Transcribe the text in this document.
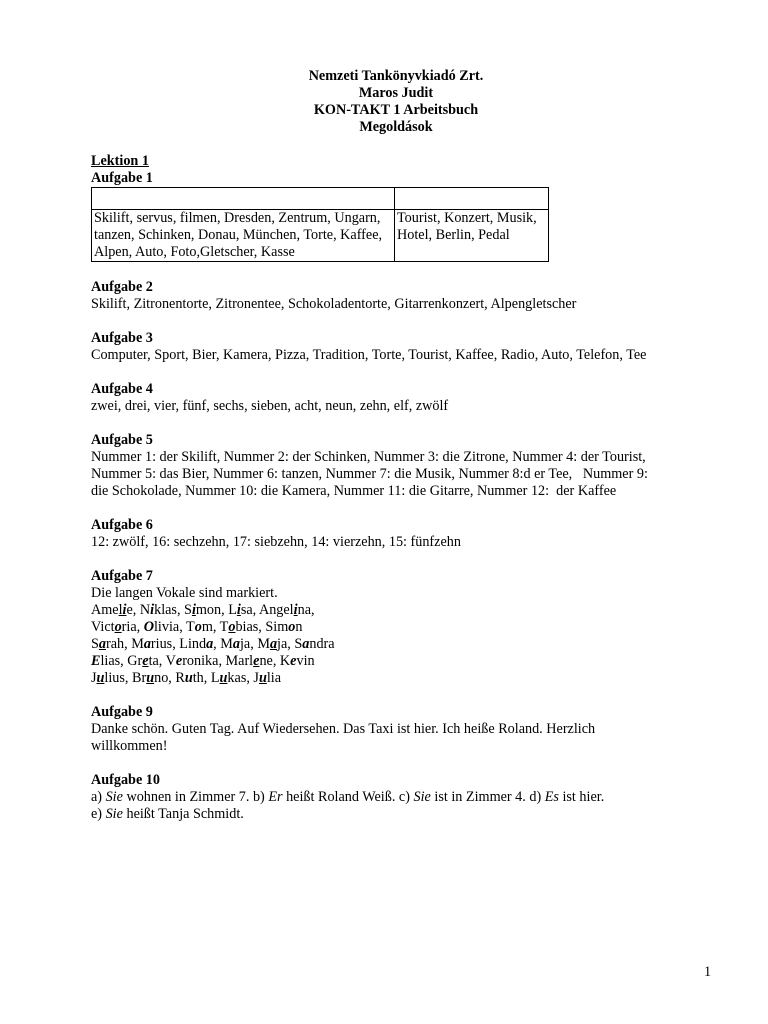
Nemzeti Tankönyvkiadó Zrt.
Maros Judit
KON-TAKT 1 Arbeitsbuch
Megoldások
Lektion 1
Aufgabe 1

Skilift, servus, filmen, Dresden, Zentrum, Ungarn, tanzen, Schinken, Donau, München, Torte, Kaffee, Alpen, Auto, Foto,Gletscher, Kasse	Tourist, Konzert, Musik, Hotel, Berlin, Pedal
Aufgabe 2
Skilift, Zitronentorte, Zitronentee, Schokoladentorte, Gitarrenkonzert, Alpengletscher
Aufgabe 3
Computer, Sport, Bier, Kamera, Pizza, Tradition, Torte, Tourist, Kaffee, Radio, Auto, Telefon, Tee
Aufgabe 4
zwei, drei, vier, fünf, sechs, sieben, acht, neun, zehn, elf, zwölf
Aufgabe 5
Nummer 1: der Skilift, Nummer 2: der Schinken, Nummer 3: die Zitrone, Nummer 4: der Tourist,
Nummer 5: das Bier, Nummer 6: tanzen, Nummer 7: die Musik, Nummer 8:d er Tee,   Nummer 9:
die Schokolade, Nummer 10: die Kamera, Nummer 11: die Gitarre, Nummer 12:  der Kaffee
Aufgabe 6
12: zwölf, 16: sechzehn, 17: siebzehn, 14: vierzehn, 15: fünfzehn
Aufgabe 7
Die langen Vokale sind markiert.
Amelie, Niklas, Simon, Lisa, Angelina,
Victoria, Olivia, Tom, Tobias, Simon
Sarah, Marius, Linda, Maja, Maja, Sandra
Elias, Greta, Veronika, Marlene, Kevin
Julius, Bruno, Ruth, Lukas, Julia
Aufgabe 9
Danke schön. Guten Tag. Auf Wiedersehen. Das Taxi ist hier. Ich heiße Roland. Herzlich
willkommen!
Aufgabe 10
a) Sie wohnen in Zimmer 7. b) Er heißt Roland Weiß. c) Sie ist in Zimmer 4. d) Es ist hier.
e) Sie heißt Tanja Schmidt.
1
